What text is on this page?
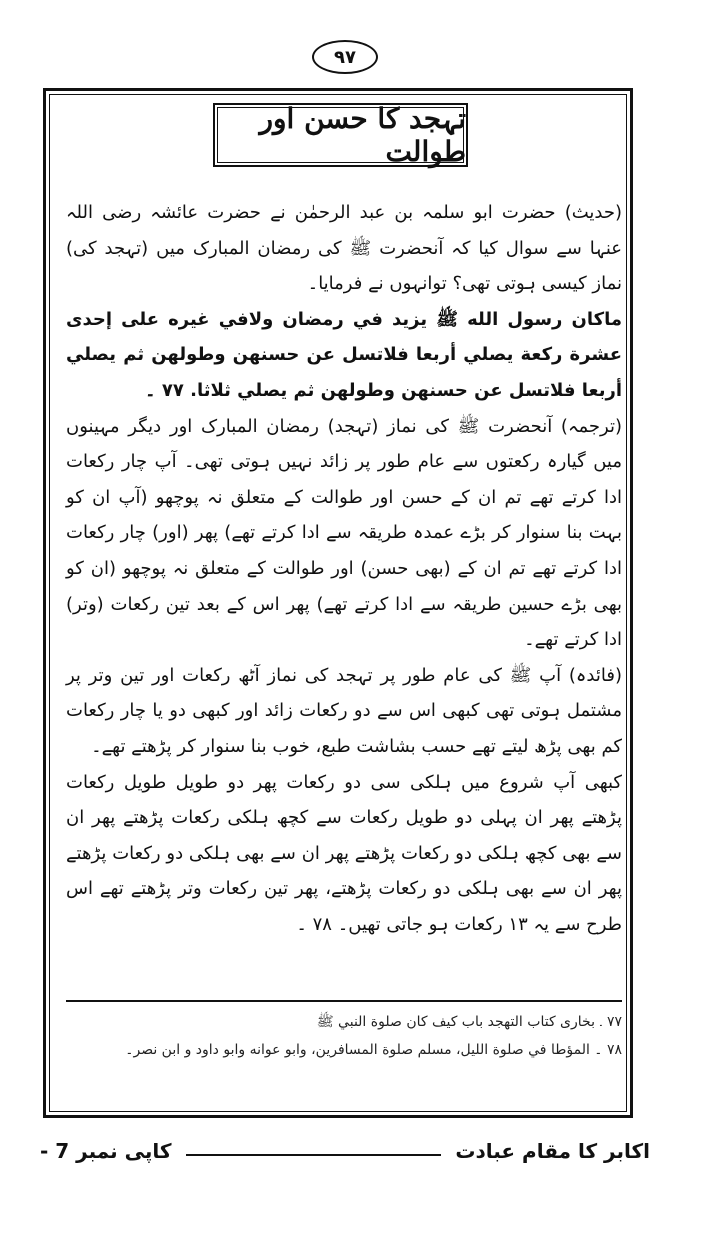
۹۷
تہجد کا حسن اور طوالت

(حدیث) حضرت ابو سلمہ بن عبد الرحمٰن نے حضرت عائشہ رضی اللہ عنہا سے سوال کیا کہ آنحضرت ﷺ کی رمضان المبارک میں (تہجد کی) نماز کیسی ہوتی تھی؟ توانہوں نے فرمایا۔

ماكان رسول الله ﷺ يزيد في رمضان ولافي غيره على إحدى عشرة ركعة يصلي أربعا فلاتسل عن حسنهن وطولهن ثم يصلي أربعا فلاتسل عن حسنهن وطولهن ثم يصلي ثلاثا. ۷۷ ۔

(ترجمہ) آنحضرت ﷺ کی نماز (تہجد) رمضان المبارک اور دیگر مہینوں میں گیارہ رکعتوں سے عام طور پر زائد نہیں ہوتی تھی۔ آپ چار رکعات ادا کرتے تھے تم ان کے حسن اور طوالت کے متعلق نہ پوچھو (آپ ان کو بہت بنا سنوار کر بڑے عمدہ طریقہ سے ادا کرتے تھے) پھر (اور) چار رکعات ادا کرتے تھے تم ان کے (بھی حسن) اور طوالت کے متعلق نہ پوچھو (ان کو بھی بڑے حسین طریقہ سے ادا کرتے تھے) پھر اس کے بعد تین رکعات (وتر) ادا کرتے تھے۔

(فائدہ) آپ ﷺ کی عام طور پر تہجد کی نماز آٹھ رکعات اور تین وتر پر مشتمل ہوتی تھی کبھی اس سے دو رکعات زائد اور کبھی دو یا چار رکعات کم بھی پڑھ لیتے تھے حسب بشاشت طبع، خوب بنا سنوار کر پڑھتے تھے۔

کبھی آپ شروع میں ہلکی سی دو رکعات پھر دو طویل طویل رکعات پڑھتے پھر ان پہلی دو طویل رکعات سے کچھ ہلکی رکعات پڑھتے پھر ان سے بھی کچھ ہلکی دو رکعات پڑھتے پھر ان سے بھی ہلکی دو رکعات پڑھتے پھر ان سے بھی ہلکی دو رکعات پڑھتے، پھر تین رکعات وتر پڑھتے تھے اس طرح سے یہ ۱۳ رکعات ہو جاتی تھیں۔ ۷۸ ۔

۷۷ ۔ بخاری کتاب التهجد باب كيف كان صلوة النبي ﷺ

۷۸ ۔ المؤطا في صلوة الليل، مسلم صلوة المسافرين، وابو عوانه وابو داود و ابن نصر۔

اکابر کا مقام عبادت
کاپی نمبر 7 -
